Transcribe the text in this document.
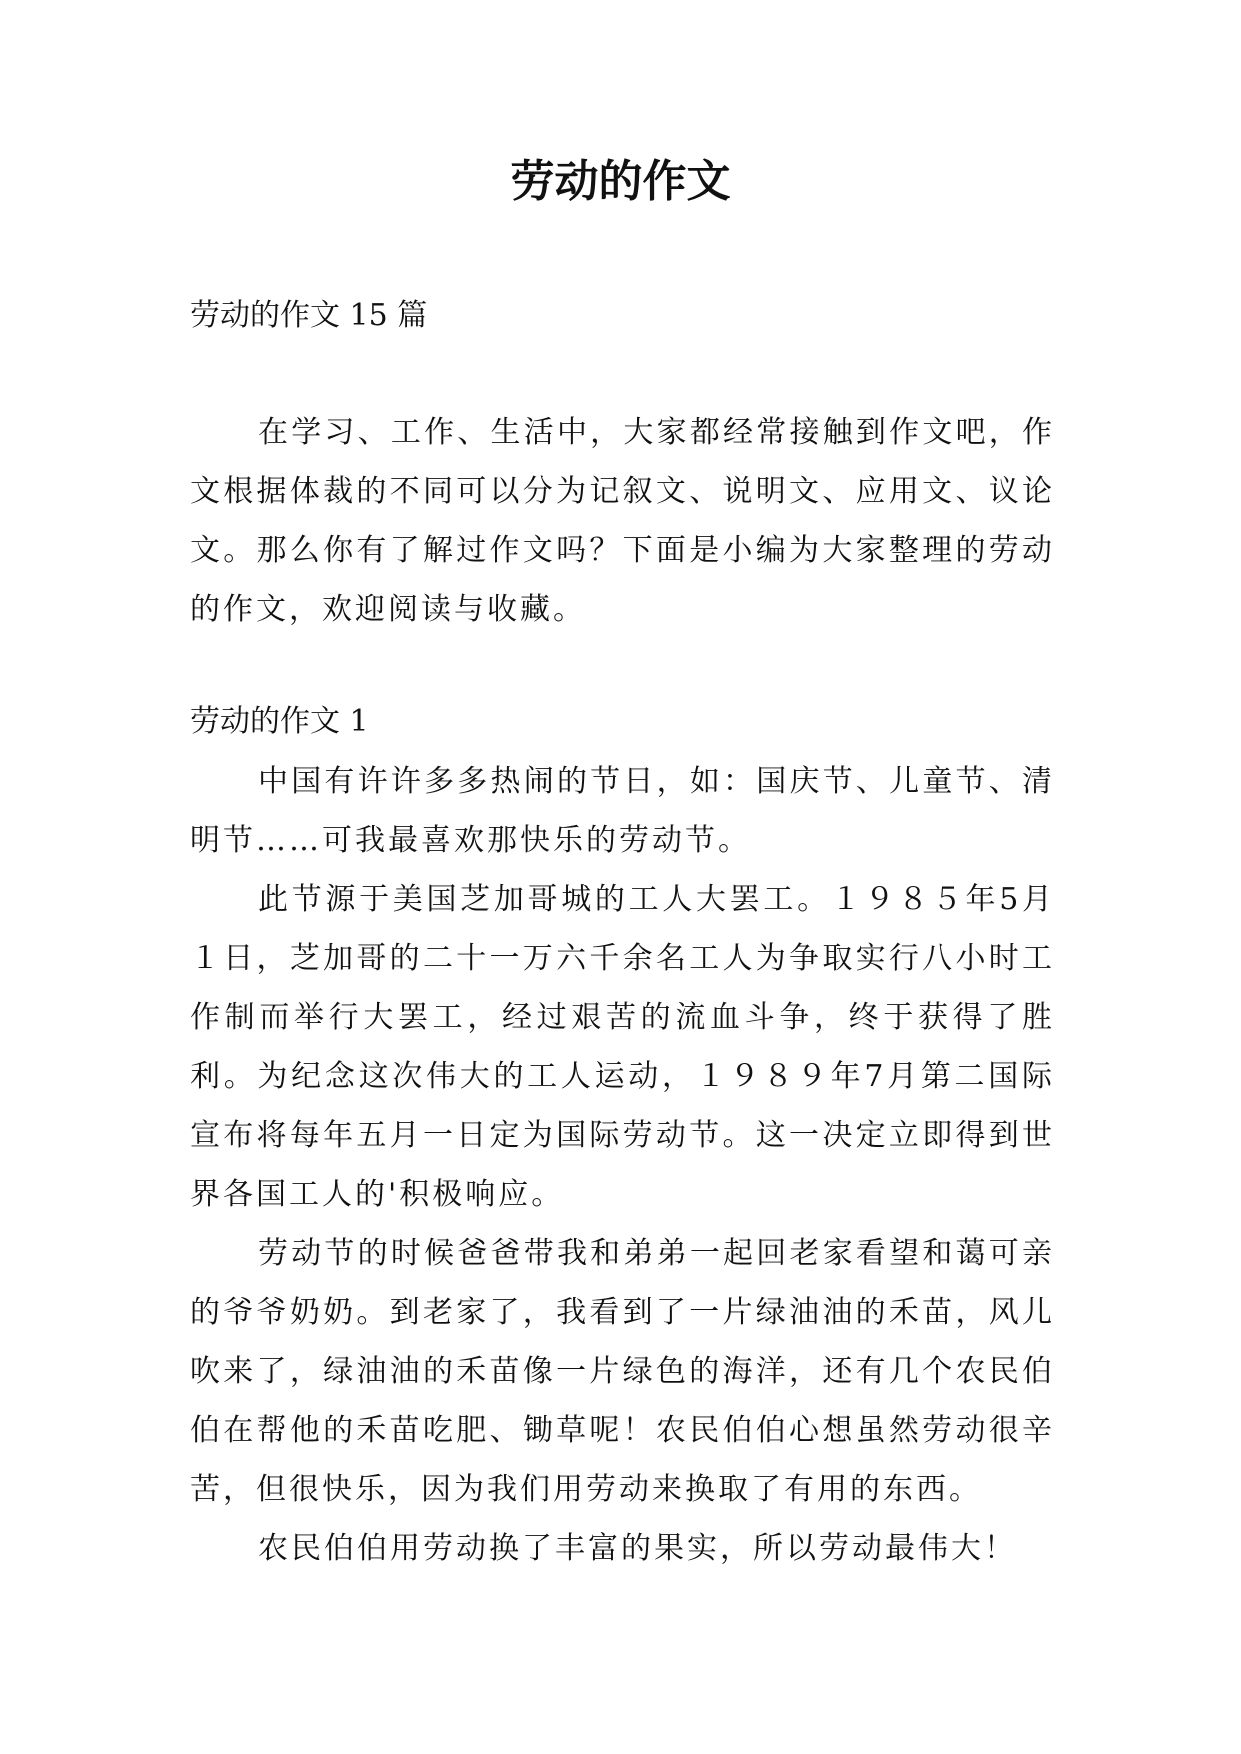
劳动的作文

劳动的作文 15 篇

在学习、工作、生活中，大家都经常接触到作文吧，作文根据体裁的不同可以分为记叙文、说明文、应用文、议论文。那么你有了解过作文吗？下面是小编为大家整理的劳动的作文，欢迎阅读与收藏。

劳动的作文 1

中国有许许多多热闹的节日，如：国庆节、儿童节、清明节……可我最喜欢那快乐的劳动节。

此节源于美国芝加哥城的工人大罢工。１９８５年5月１日，芝加哥的二十一万六千余名工人为争取实行八小时工作制而举行大罢工，经过艰苦的流血斗争，终于获得了胜利。为纪念这次伟大的工人运动，１９８９年7月第二国际宣布将每年五月一日定为国际劳动节。这一决定立即得到世界各国工人的'积极响应。

劳动节的时候爸爸带我和弟弟一起回老家看望和蔼可亲的爷爷奶奶。到老家了，我看到了一片绿油油的禾苗，风儿吹来了，绿油油的禾苗像一片绿色的海洋，还有几个农民伯伯在帮他的禾苗吃肥、锄草呢！农民伯伯心想虽然劳动很辛苦，但很快乐，因为我们用劳动来换取了有用的东西。

农民伯伯用劳动换了丰富的果实，所以劳动最伟大！
